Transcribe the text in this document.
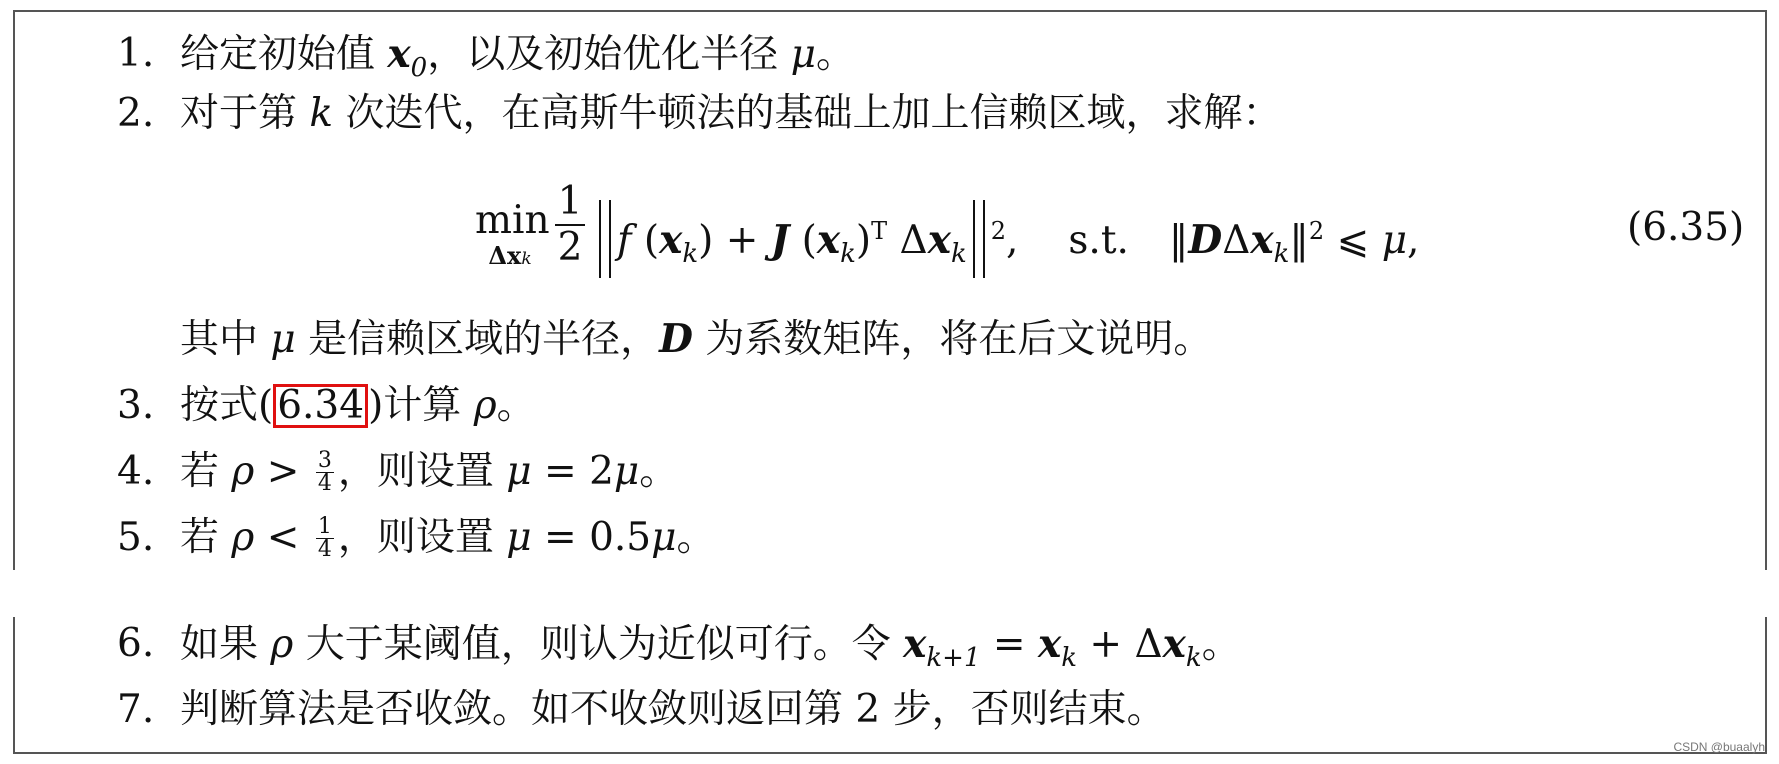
1. 给定初始值 $x_0$，以及初始优化半径 μ。
2. 对于第 k 次迭代，在高斯牛顿法的基础上加上信赖区域，求解：
min
Δxk
1
2 f $(x_k) + J$ $(x_k)^T$ $\Delta x_k^2$, s.t. ‖DΔx$_k$‖$^2$ ⩽ μ,	(6.35)
其中 μ 是信赖区域的半径，D 为系数矩阵，将在后文说明。
3. 按式( 6.34 )计算 ρ。
4. 若 $\rho > \frac{3}{4}$ ，则设置 μ = 2μ。
5. 若 $\rho < \frac{1}{4}$ ，则设置 μ = 0.5μ。
6. 如果 ρ 大于某阈值，则认为近似可行。令 $x_{k+1} = x_k + \Delta x_k$。
7. 判断算法是否收敛。如不收敛则返回第 2 步，否则结束。
CSDN @buaalyh
